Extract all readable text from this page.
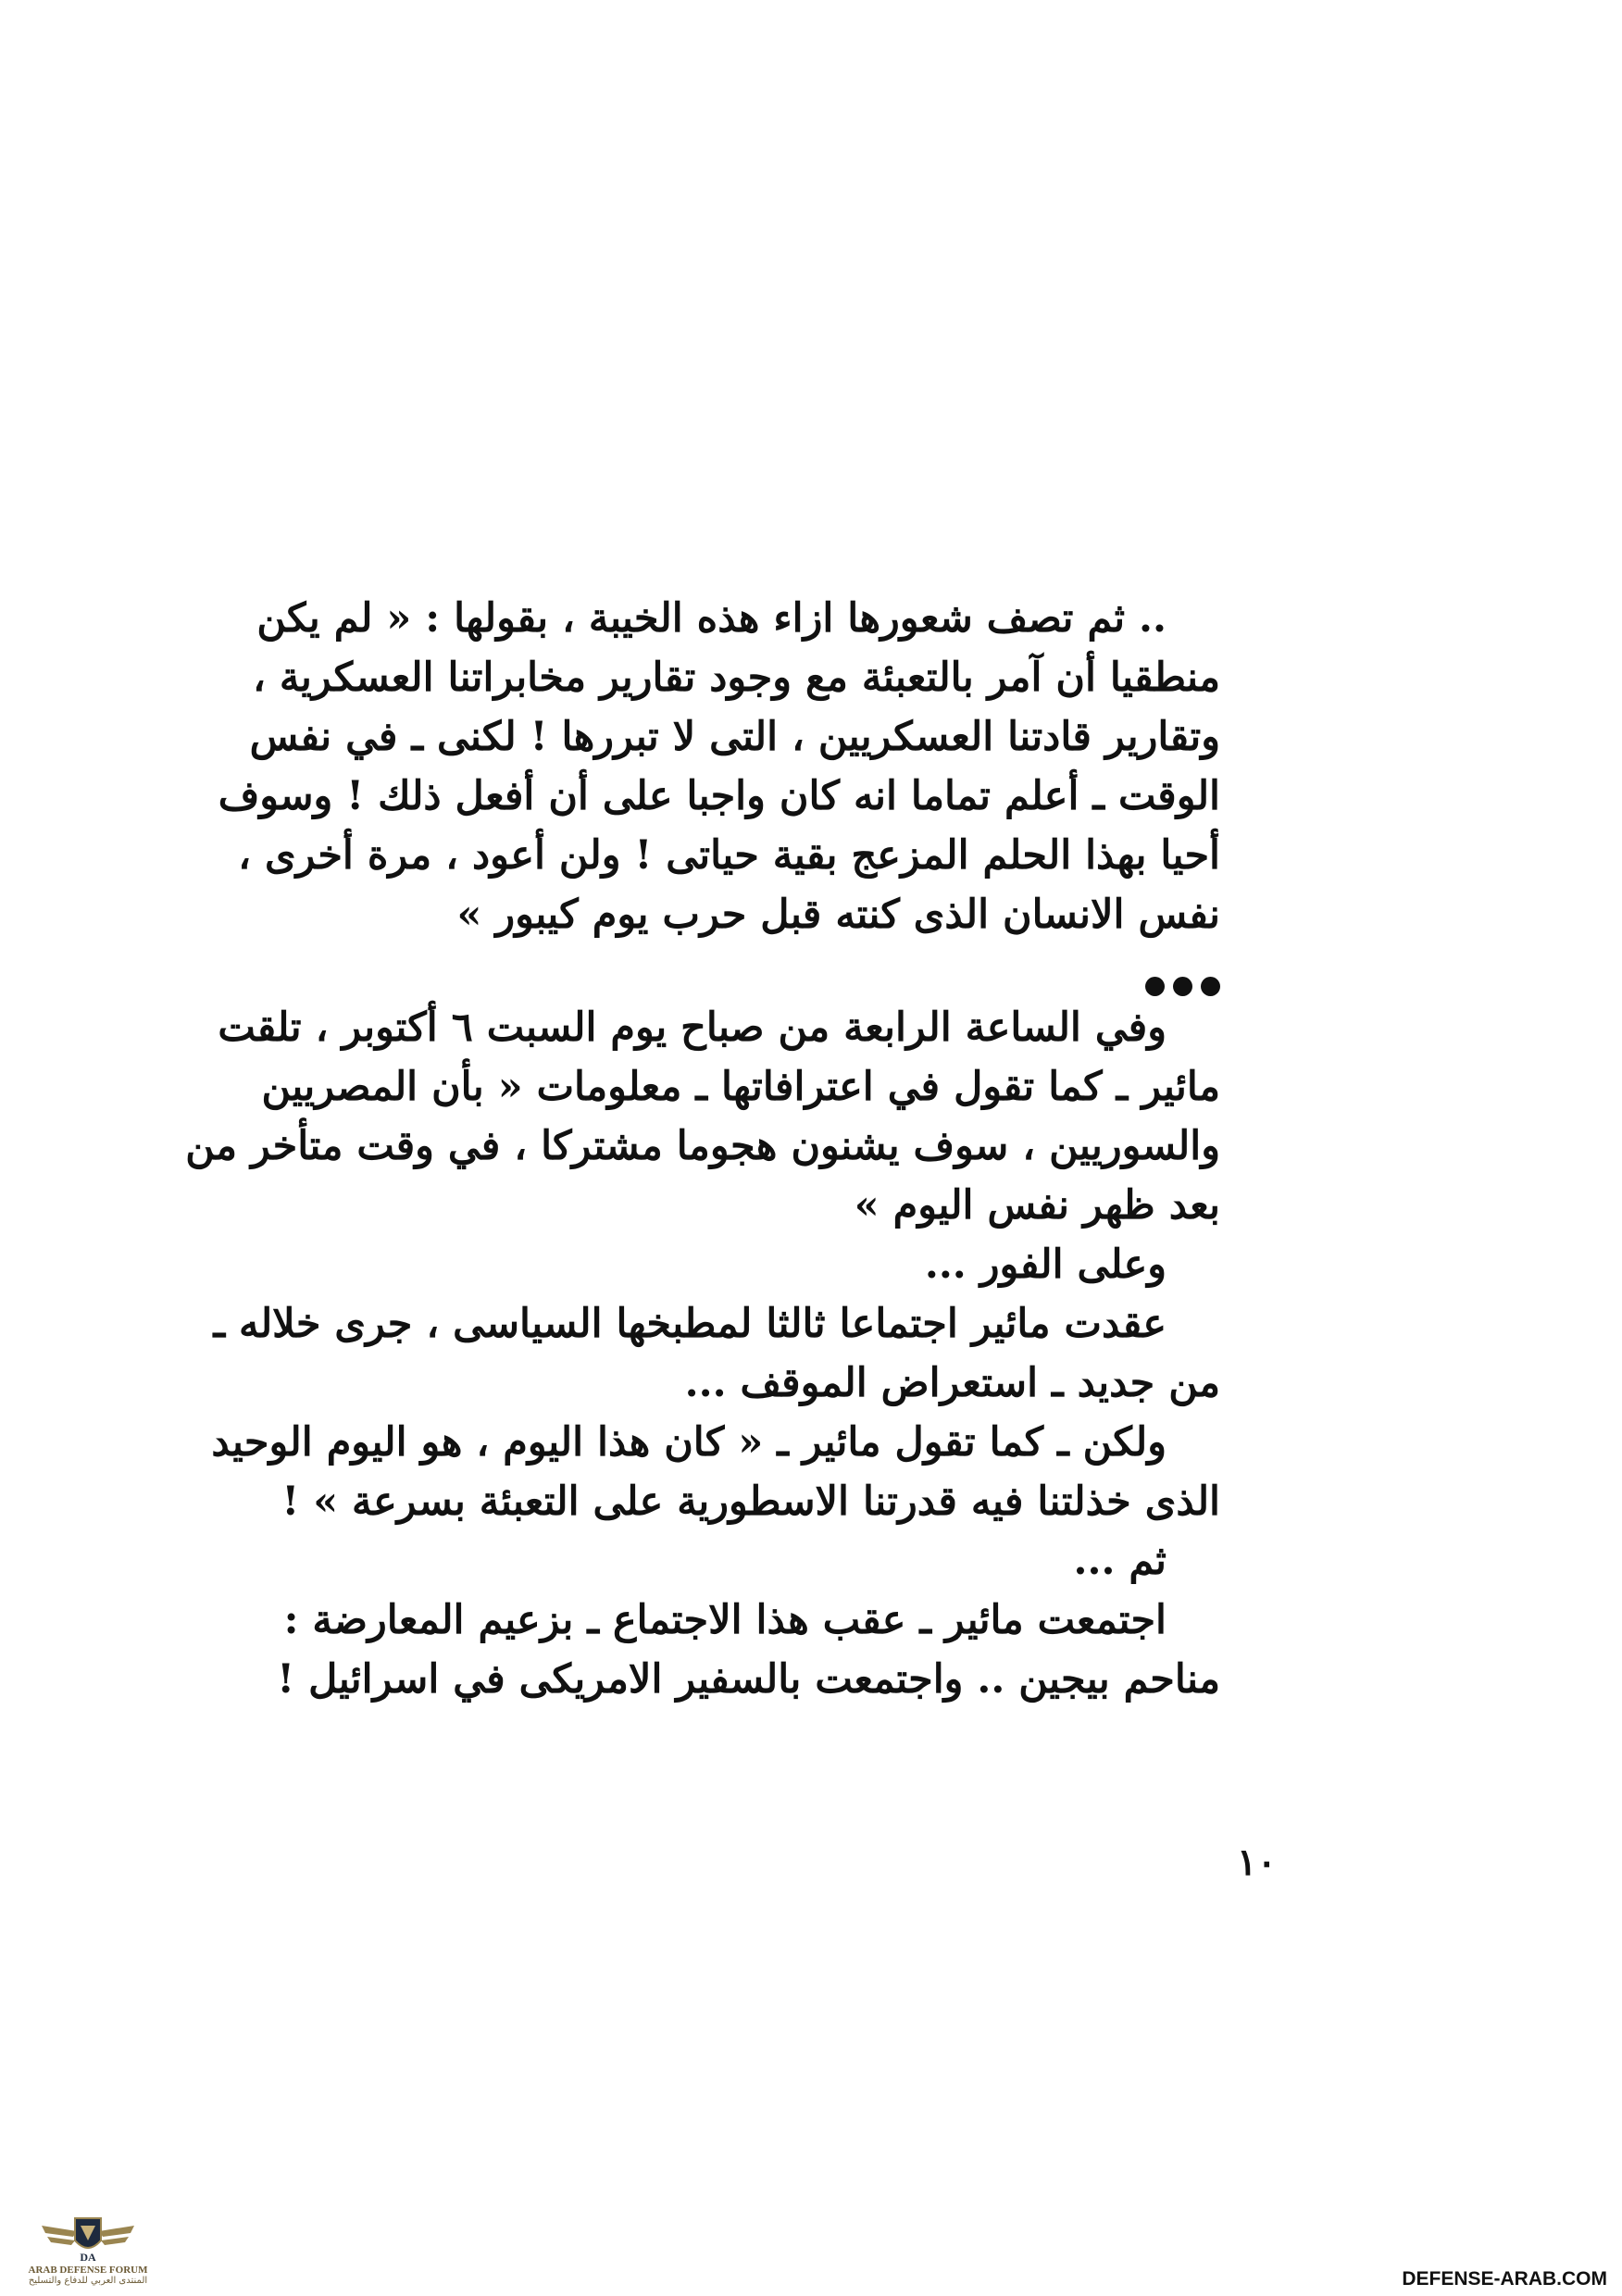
.. ثم تصف شعورها ازاء هذه الخيبة ، بقولها : « لم يكن
منطقيا أن آمر بالتعبئة مع وجود تقارير مخابراتنا العسكرية ،
وتقارير قادتنا العسكريين ، التى لا تبررها ! لكنى ـ في نفس
الوقت ـ أعلم تماما انه كان واجبا على أن أفعل ذلك ! وسوف
أحيا بهذا الحلم المزعج بقية حياتى ! ولن أعود ، مرة أخرى ،
نفس الانسان الذى كنته قبل حرب يوم كيبور »
وفي الساعة الرابعة من صباح يوم السبت ٦ أكتوبر ، تلقت
مائير ـ كما تقول في اعترافاتها ـ معلومات « بأن المصريين
والسوريين ، سوف يشنون هجوما مشتركا ، في وقت متأخر من
بعد ظهر نفس اليوم »
وعلى الفور ...
عقدت مائير اجتماعا ثالثا لمطبخها السياسى ، جرى خلاله ـ
من جديد ـ استعراض الموقف ...
ولكن ـ كما تقول مائير ـ « كان هذا اليوم ، هو اليوم الوحيد
الذى خذلتنا فيه قدرتنا الاسطورية على التعبئة بسرعة » !
ثم ...
اجتمعت مائير ـ عقب هذا الاجتماع ـ بزعيم المعارضة :
مناحم بيجين .. واجتمعت بالسفير الامريكى في اسرائيل !
١٠
DA
ARAB DEFENSE FORUM
المنتدى العربي للدفاع والتسليح	DEFENSE-ARAB.COM
